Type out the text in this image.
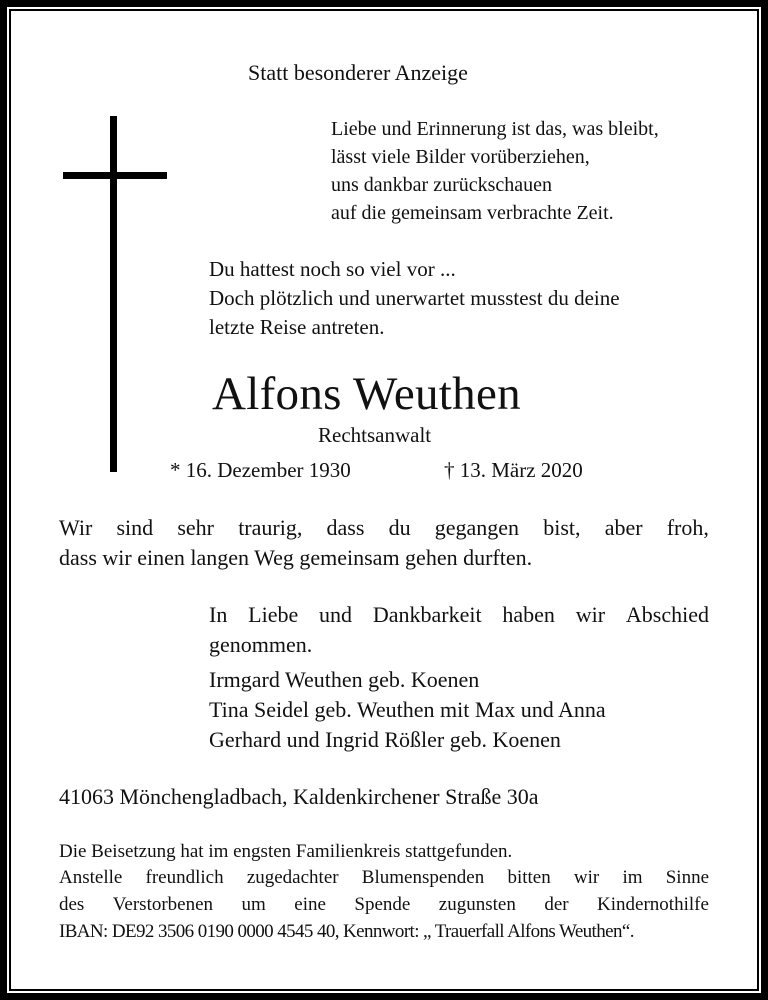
Statt besonderer Anzeige

Liebe und Erinnerung ist das, was bleibt,

lässt viele Bilder vorüberziehen,

uns dankbar zurückschauen

auf die gemeinsam verbrachte Zeit.

Du hattest noch so viel vor ...

Doch plötzlich und unerwartet musstest du deine

letzte Reise antreten.

Alfons Weuthen

Rechtsanwalt

* 16. Dezember 1930	† 13. März 2020

Wir sind sehr traurig, dass du gegangen bist, aber froh,

dass wir einen langen Weg gemeinsam gehen durften.

In Liebe und Dankbarkeit haben wir Abschied

genommen.

Irmgard Weuthen geb. Koenen

Tina Seidel geb. Weuthen mit Max und Anna

Gerhard und Ingrid Rößler geb. Koenen

41063 Mönchengladbach, Kaldenkirchener Straße 30a

Die Beisetzung hat im engsten Familienkreis stattgefunden.

Anstelle freundlich zugedachter Blumenspenden bitten wir im Sinne
des Verstorbenen um eine Spende zugunsten der Kindernothilfe

IBAN: DE92 3506 0190 0000 4545 40, Kennwort: „ Trauerfall Alfons Weuthen“.
